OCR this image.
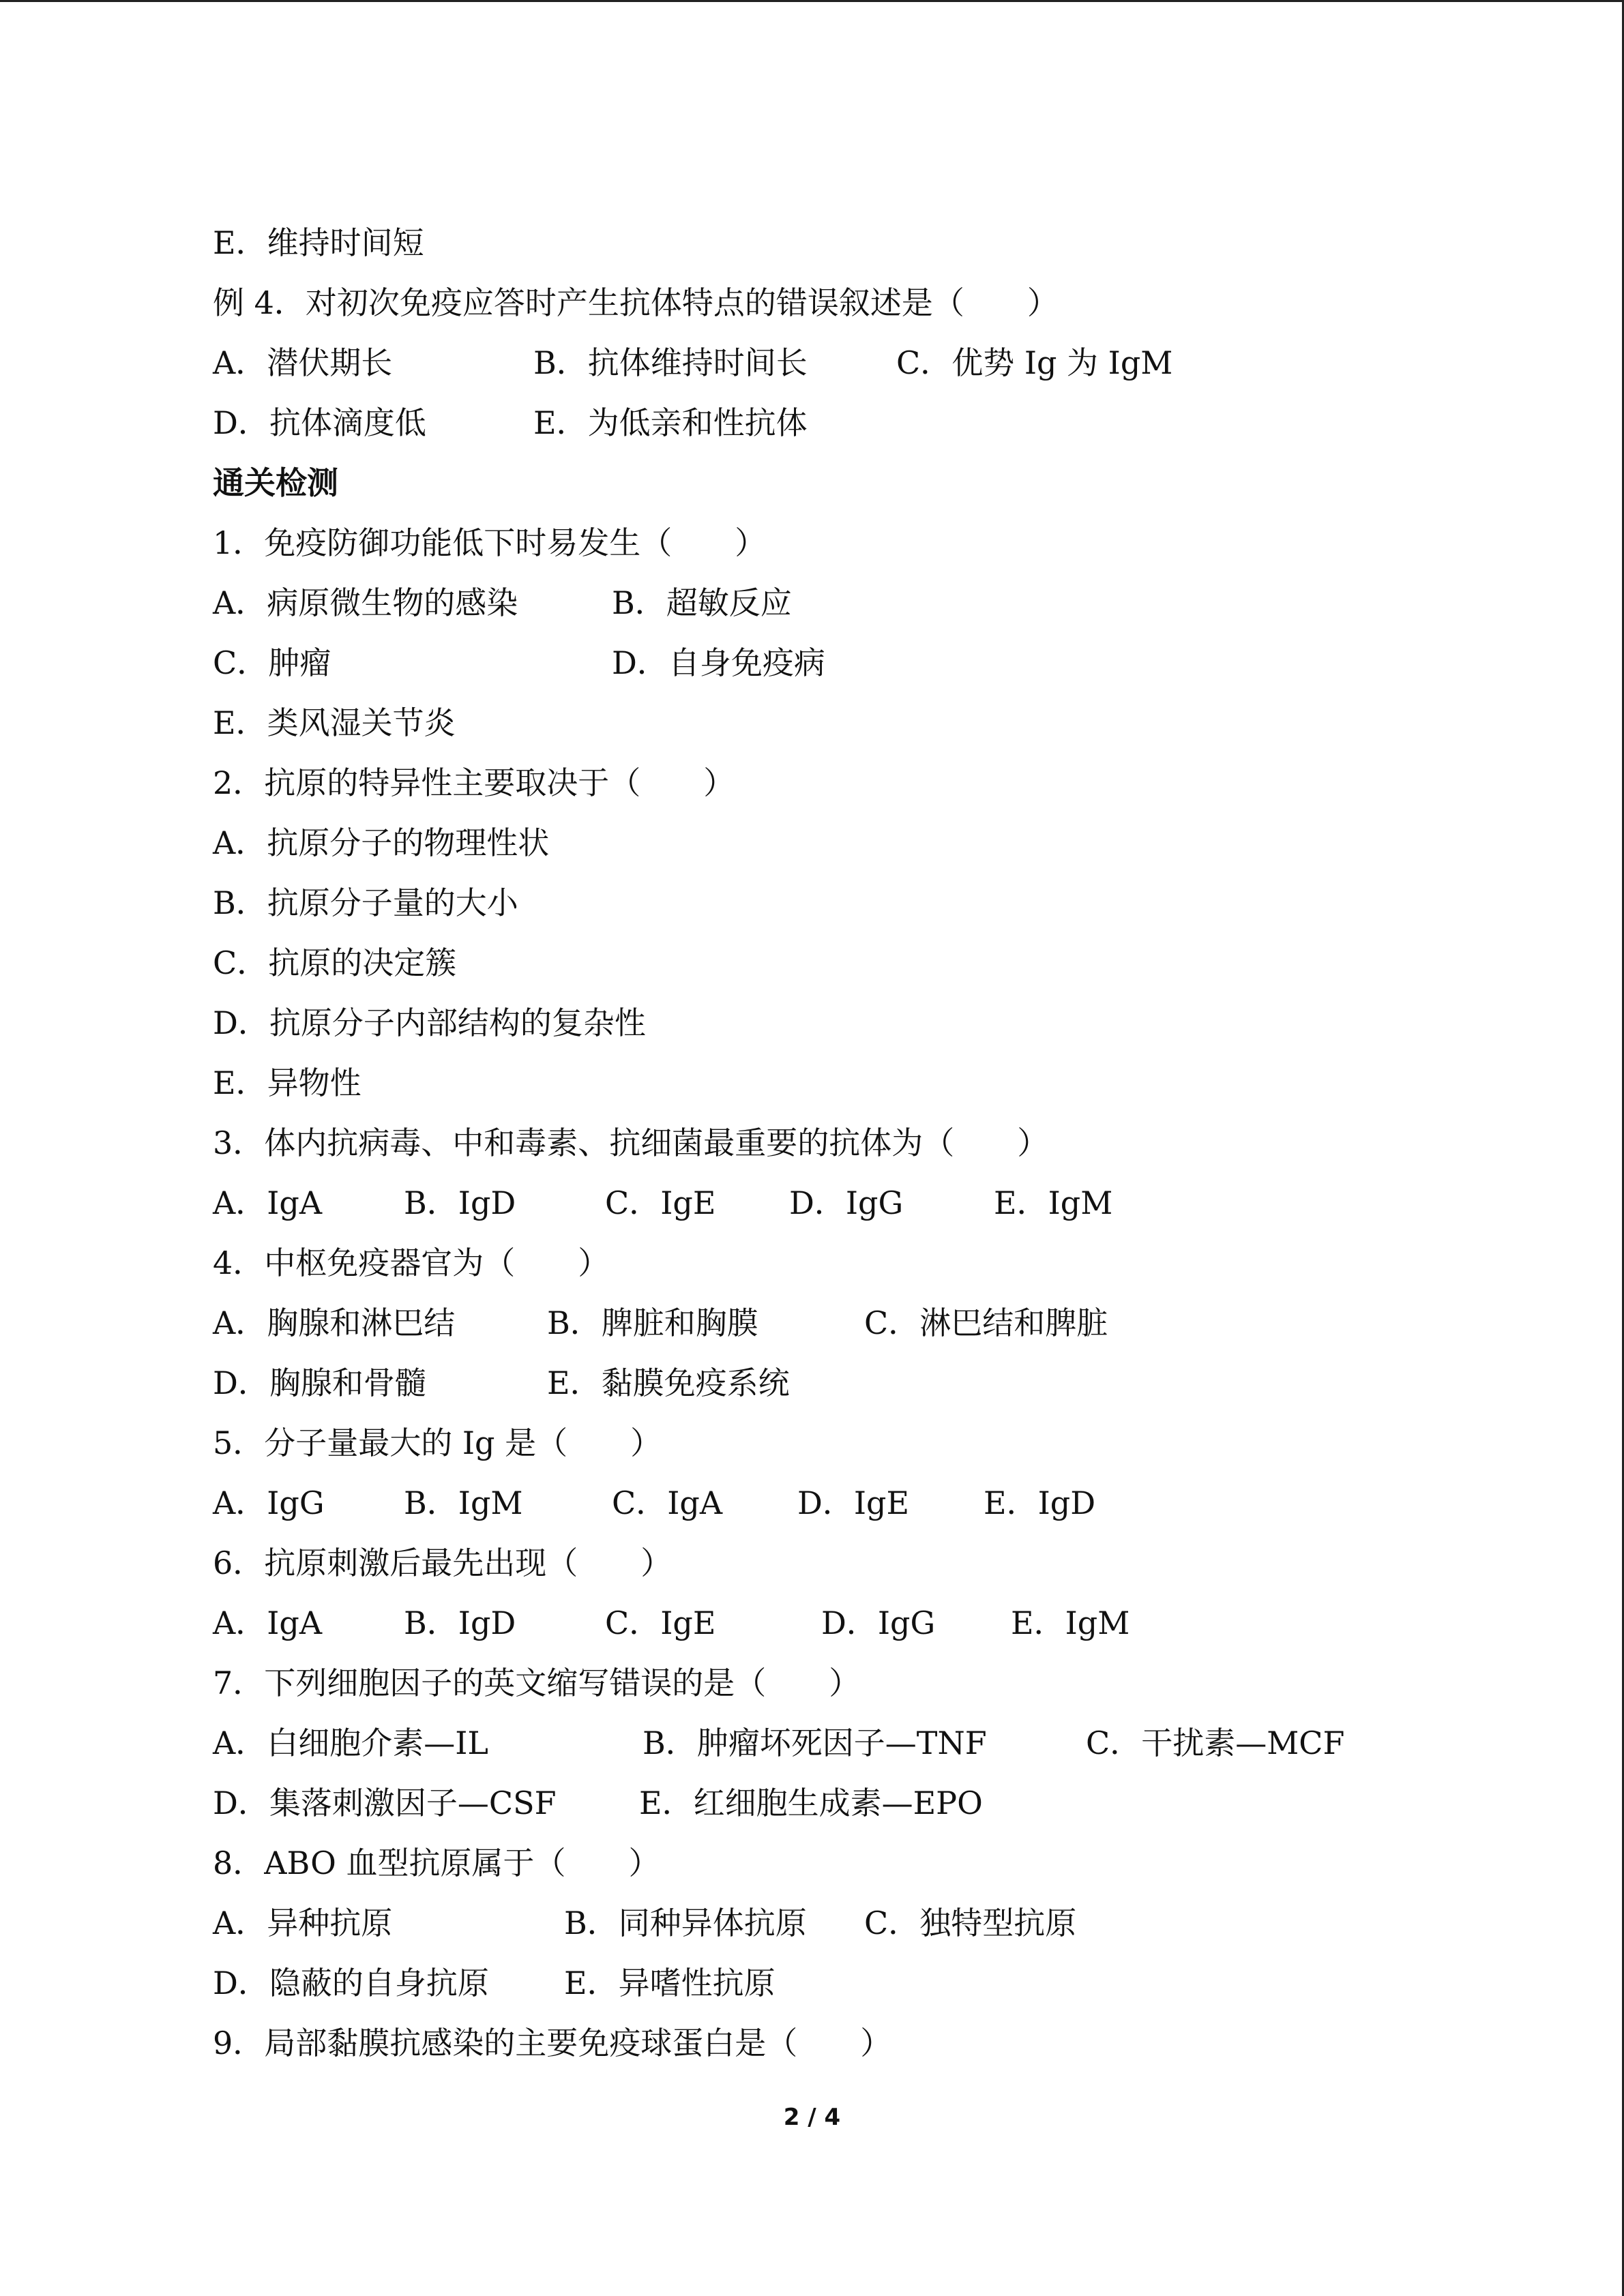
E．维持时间短
例 4．对初次免疫应答时产生抗体特点的错误叙述是（　　）
A．潜伏期长	B．抗体维持时间长	C．优势 Ig 为 IgM
D．抗体滴度低	E．为低亲和性抗体
通关检测
1．免疫防御功能低下时易发生（　　）
A．病原微生物的感染	B．超敏反应
C．肿瘤	D．自身免疫病
E．类风湿关节炎
2．抗原的特异性主要取决于（　　）
A．抗原分子的物理性状
B．抗原分子量的大小
C．抗原的决定簇
D．抗原分子内部结构的复杂性
E．异物性
3．体内抗病毒、中和毒素、抗细菌最重要的抗体为（　　）
A．IgA	B．IgD	C．IgE D．IgG	E．IgM
4．中枢免疫器官为（　　）
A．胸腺和淋巴结	B．脾脏和胸膜	C．淋巴结和脾脏
D．胸腺和骨髓	E．黏膜免疫系统
5．分子量最大的 Ig 是（　　）
A．IgG	B．IgM	C．IgA D．IgE E．IgD
6．抗原刺激后最先出现（　　）
A．IgA	B．IgD	C．IgE	D．IgG E．IgM
7．下列细胞因子的英文缩写错误的是（　　）
A．白细胞介素—IL	B．肿瘤坏死因子—TNF	C．干扰素—MCF
D．集落刺激因子—CSF	E．红细胞生成素—EPO
8．ABO 血型抗原属于（　　）
A．异种抗原	B．同种异体抗原 C．独特型抗原
D．隐蔽的自身抗原 E．异嗜性抗原
9．局部黏膜抗感染的主要免疫球蛋白是（　　）
2 / 4
